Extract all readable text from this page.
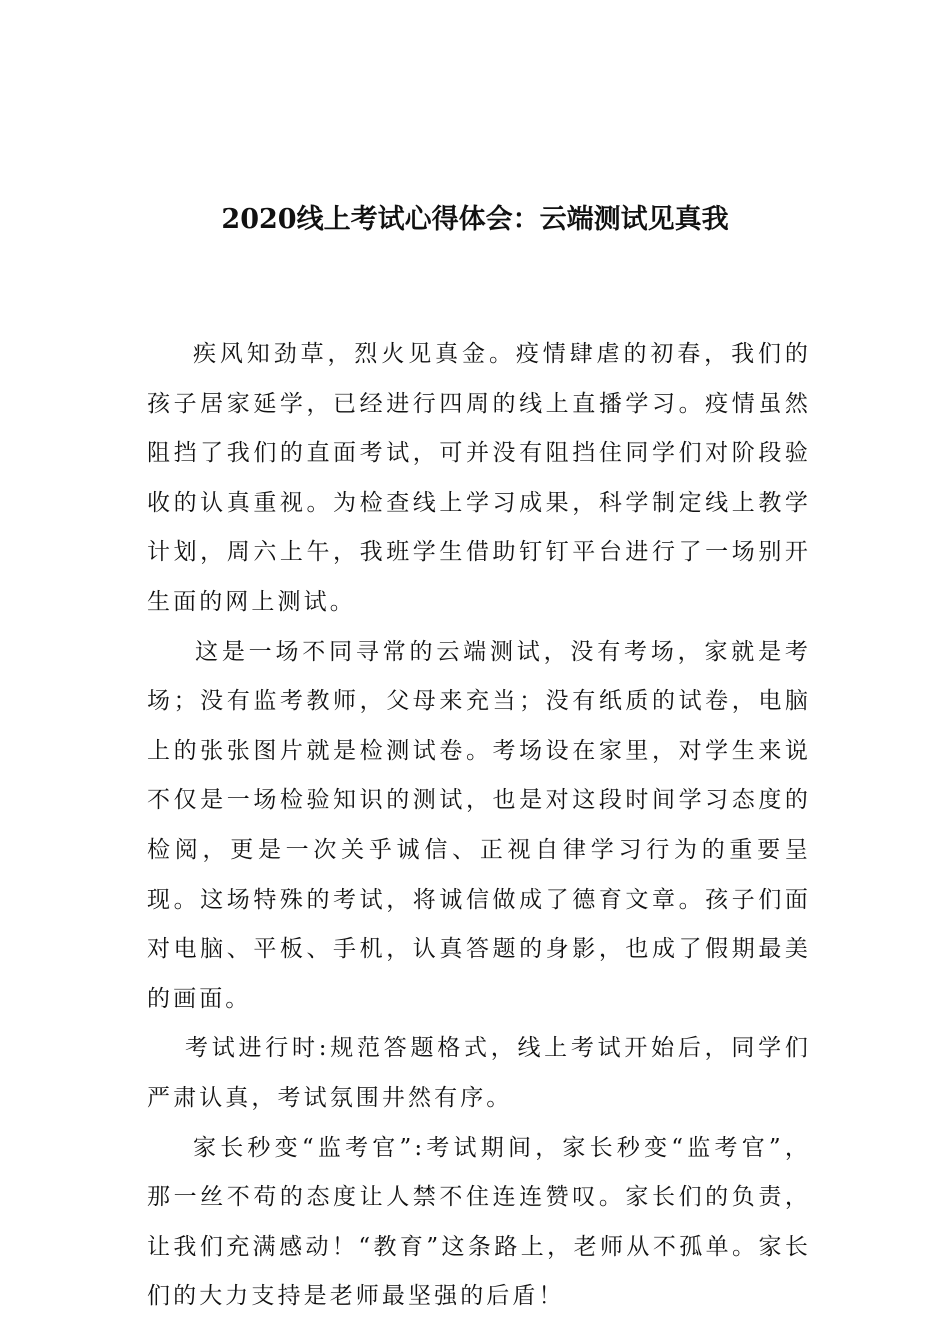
2020线上考试心得体会：云端测试见真我

疾风知劲草，烈火见真金。疫情肆虐的初春，我们的孩子居家延学，已经进行四周的线上直播学习。疫情虽然阻挡了我们的直面考试，可并没有阻挡住同学们对阶段验收的认真重视。为检查线上学习成果，科学制定线上教学计划，周六上午，我班学生借助钉钉平台进行了一场别开生面的网上测试。

这是一场不同寻常的云端测试，没有考场，家就是考场；没有监考教师，父母来充当；没有纸质的试卷，电脑上的张张图片就是检测试卷。考场设在家里，对学生来说不仅是一场检验知识的测试，也是对这段时间学习态度的检阅，更是一次关乎诚信、正视自律学习行为的重要呈现。这场特殊的考试，将诚信做成了德育文章。孩子们面对电脑、平板、手机，认真答题的身影，也成了假期最美的画面。

考试进行时:规范答题格式，线上考试开始后，同学们严肃认真，考试氛围井然有序。

家长秒变“监考官”:考试期间，家长秒变“监考官”，那一丝不苟的态度让人禁不住连连赞叹。家长们的负责，让我们充满感动！“教育”这条路上，老师从不孤单。家长们的大力支持是老师最坚强的后盾！
